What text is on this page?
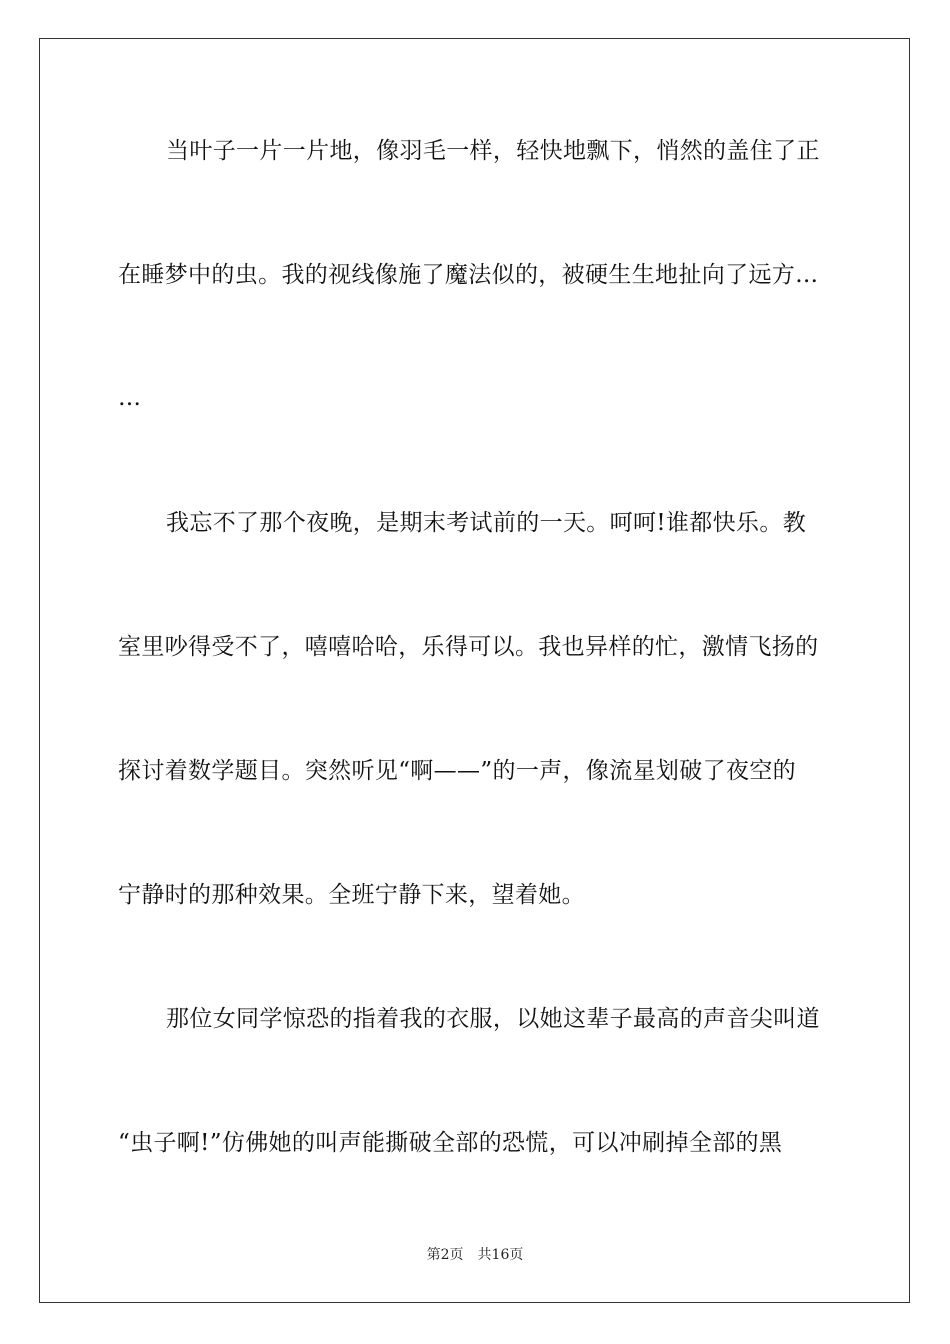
当叶子一片一片地，像羽毛一样，轻快地飘下，悄然的盖住了正
在睡梦中的虫。我的视线像施了魔法似的，被硬生生地扯向了远方…
…
我忘不了那个夜晚，是期末考试前的一天。呵呵!谁都快乐。教
室里吵得受不了，嘻嘻哈哈，乐得可以。我也异样的忙，激情飞扬的
探讨着数学题目。突然听见“啊——”的一声，像流星划破了夜空的
宁静时的那种效果。全班宁静下来，望着她。
那位女同学惊恐的指着我的衣服，以她这辈子最高的声音尖叫道
“虫子啊!”仿佛她的叫声能撕破全部的恐慌，可以冲刷掉全部的黑
第2页　共16页
